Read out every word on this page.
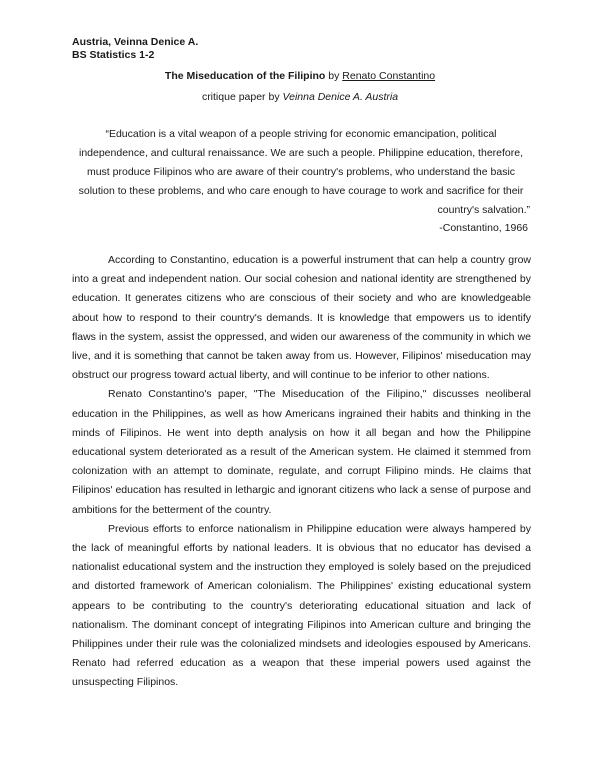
Austria, Veinna Denice A.
BS Statistics 1-2
The Miseducation of the Filipino by Renato Constantino
critique paper by Veinna Denice A. Austria
“Education is a vital weapon of a people striving for economic emancipation, political independence, and cultural renaissance. We are such a people. Philippine education, therefore, must produce Filipinos who are aware of their country's problems, who understand the basic solution to these problems, and who care enough to have courage to work and sacrifice for their
country's salvation.”
-Constantino, 1966

According to Constantino, education is a powerful instrument that can help a country grow into a great and independent nation. Our social cohesion and national identity are strengthened by education. It generates citizens who are conscious of their society and who are knowledgeable about how to respond to their country's demands. It is knowledge that empowers us to identify flaws in the system, assist the oppressed, and widen our awareness of the community in which we live, and it is something that cannot be taken away from us. However, Filipinos' miseducation may obstruct our progress toward actual liberty, and will continue to be inferior to other nations.

Renato Constantino's paper, "The Miseducation of the Filipino," discusses neoliberal education in the Philippines, as well as how Americans ingrained their habits and thinking in the minds of Filipinos. He went into depth analysis on how it all began and how the Philippine educational system deteriorated as a result of the American system. He claimed it stemmed from colonization with an attempt to dominate, regulate, and corrupt Filipino minds. He claims that Filipinos' education has resulted in lethargic and ignorant citizens who lack a sense of purpose and ambitions for the betterment of the country.

Previous efforts to enforce nationalism in Philippine education were always hampered by the lack of meaningful efforts by national leaders. It is obvious that no educator has devised a nationalist educational system and the instruction they employed is solely based on the prejudiced and distorted framework of American colonialism. The Philippines' existing educational system appears to be contributing to the country's deteriorating educational situation and lack of nationalism. The dominant concept of integrating Filipinos into American culture and bringing the Philippines under their rule was the colonialized mindsets and ideologies espoused by Americans. Renato had referred education as a weapon that these imperial powers used against the unsuspecting Filipinos.
